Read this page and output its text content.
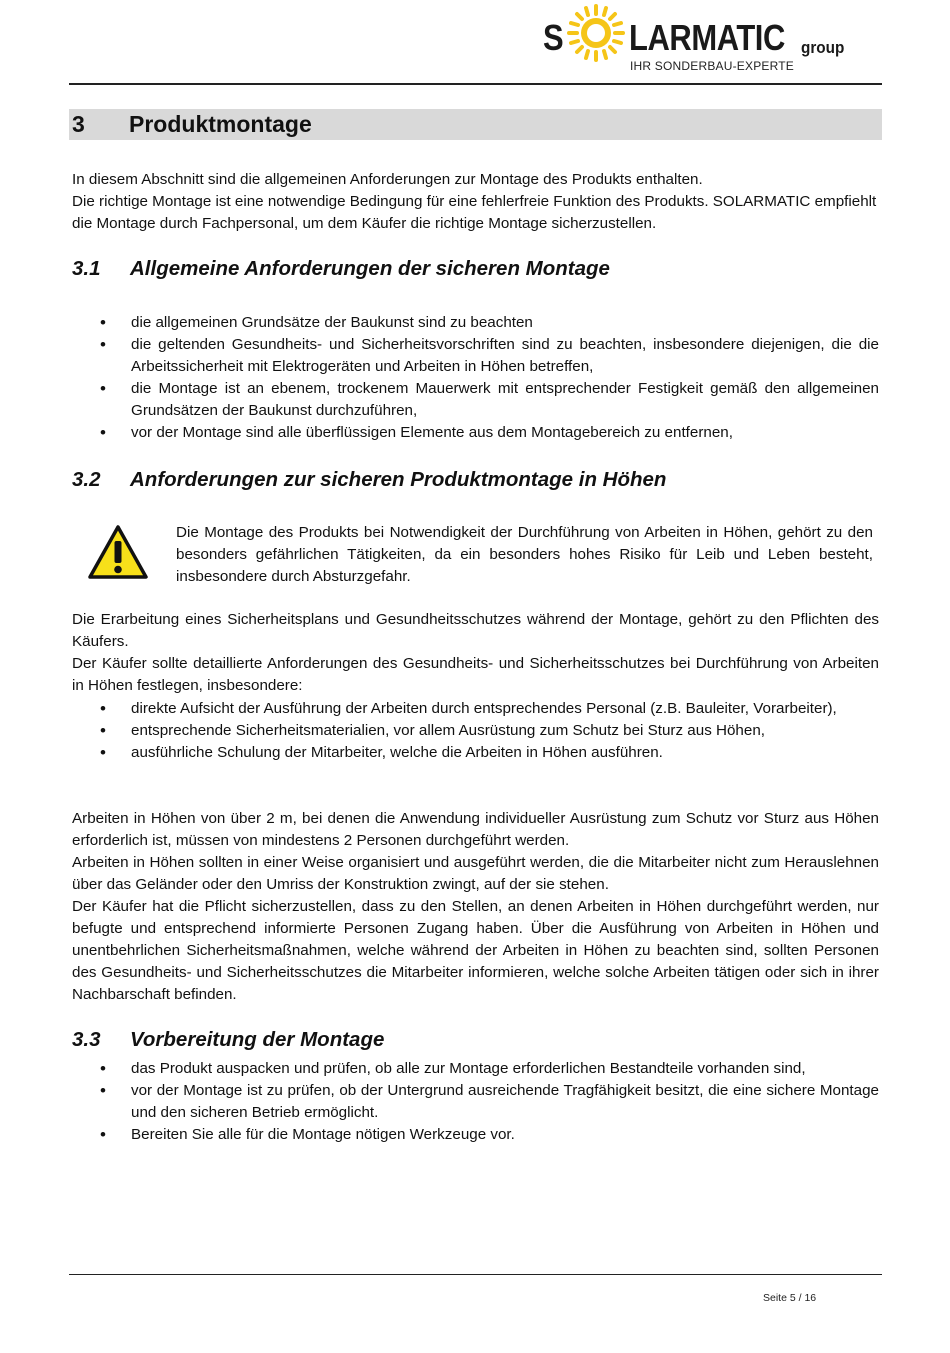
S LARMATIC group
IHR SONDERBAU-EXPERTE
3 Produktmontage

In diesem Abschnitt sind die allgemeinen Anforderungen zur Montage des Produkts enthalten.

Die richtige Montage ist eine notwendige Bedingung für eine fehlerfreie Funktion des Produkts. SOLARMATIC empfiehlt die Montage durch Fachpersonal, um dem Käufer die richtige Montage sicherzustellen.

3.1 Allgemeine Anforderungen der sicheren Montage
• die allgemeinen Grundsätze der Baukunst sind zu beachten
• die geltenden Gesundheits- und Sicherheitsvorschriften sind zu beachten, insbesondere diejenigen, die die Arbeitssicherheit mit Elektrogeräten und Arbeiten in Höhen betreffen,
• die Montage ist an ebenem, trockenem Mauerwerk mit entsprechender Festigkeit gemäß den allgemeinen Grundsätzen der Baukunst durchzuführen,
• vor der Montage sind alle überflüssigen Elemente aus dem Montagebereich zu entfernen,
3.2 Anforderungen zur sicheren Produktmontage in Höhen

Die Montage des Produkts bei Notwendigkeit der Durchführung von Arbeiten in Höhen, gehört zu den besonders gefährlichen Tätigkeiten, da ein besonders hohes Risiko für Leib und Leben besteht, insbesondere durch Absturzgefahr.

Die Erarbeitung eines Sicherheitsplans und Gesundheitsschutzes während der Montage, gehört zu den Pflichten des Käufers.

Der Käufer sollte detaillierte Anforderungen des Gesundheits- und Sicherheitsschutzes bei Durchführung von Arbeiten in Höhen festlegen, insbesondere:

• direkte Aufsicht der Ausführung der Arbeiten durch entsprechendes Personal (z.B. Bauleiter, Vorarbeiter),
• entsprechende Sicherheitsmaterialien, vor allem Ausrüstung zum Schutz bei Sturz aus Höhen,
• ausführliche Schulung der Mitarbeiter, welche die Arbeiten in Höhen ausführen.

Arbeiten in Höhen von über 2 m, bei denen die Anwendung individueller Ausrüstung zum Schutz vor Sturz aus Höhen erforderlich ist, müssen von mindestens 2 Personen durchgeführt werden.

Arbeiten in Höhen sollten in einer Weise organisiert und ausgeführt werden, die die Mitarbeiter nicht zum Herauslehnen über das Geländer oder den Umriss der Konstruktion zwingt, auf der sie stehen.

Der Käufer hat die Pflicht sicherzustellen, dass zu den Stellen, an denen Arbeiten in Höhen durchgeführt werden, nur befugte und entsprechend informierte Personen Zugang haben. Über die Ausführung von Arbeiten in Höhen und unentbehrlichen Sicherheitsmaßnahmen, welche während der Arbeiten in Höhen zu beachten sind, sollten Personen des Gesundheits- und Sicherheitsschutzes die Mitarbeiter informieren, welche solche Arbeiten tätigen oder sich in ihrer Nachbarschaft befinden.

3.3 Vorbereitung der Montage
• das Produkt auspacken und prüfen, ob alle zur Montage erforderlichen Bestandteile vorhanden sind,
• vor der Montage ist zu prüfen, ob der Untergrund ausreichende Tragfähigkeit besitzt, die eine sichere Montage und den sicheren Betrieb ermöglicht.
• Bereiten Sie alle für die Montage nötigen Werkzeuge vor.
Seite 5 / 16
